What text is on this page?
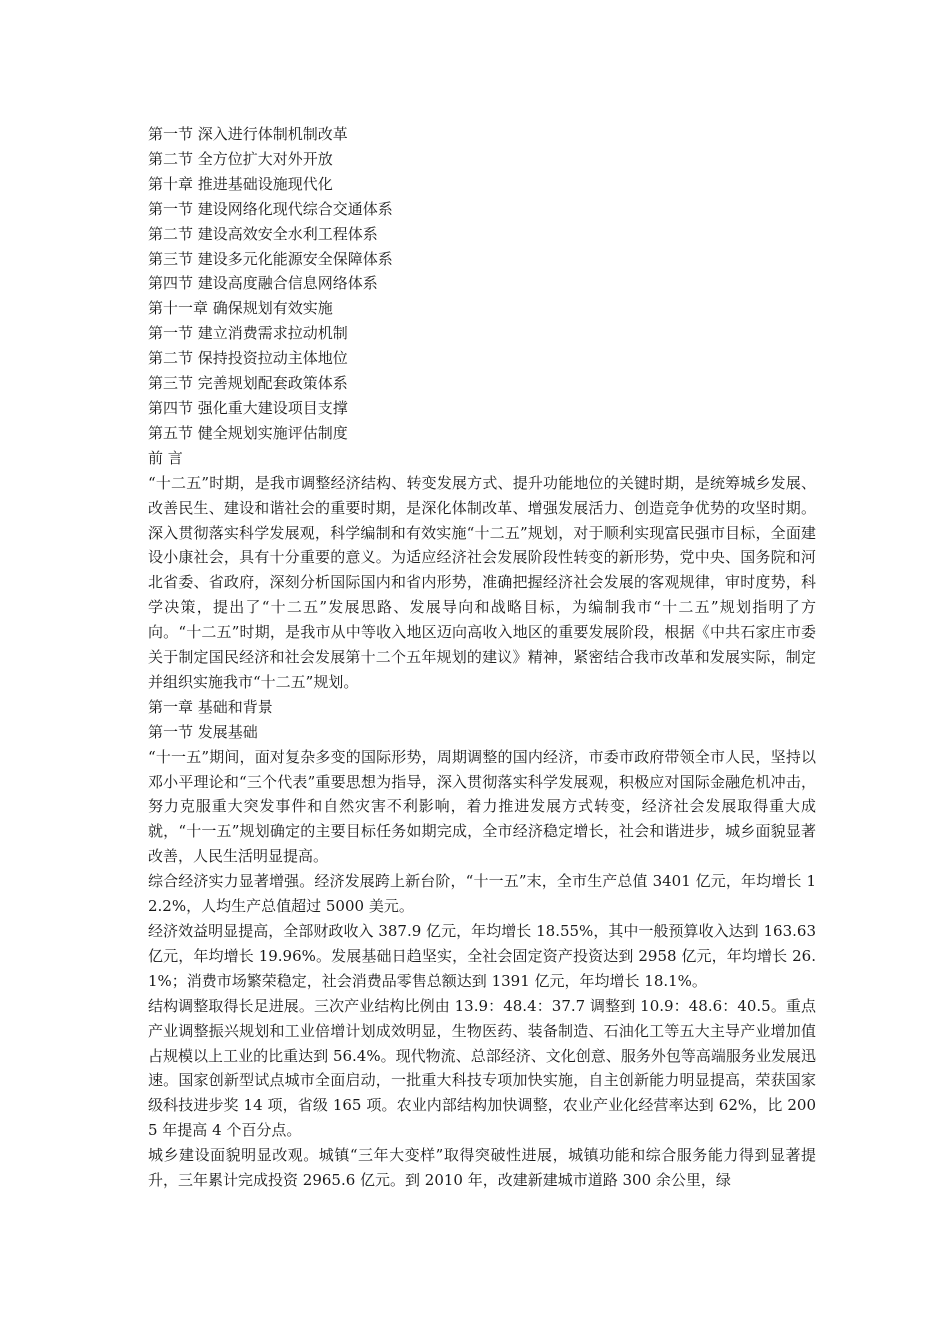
第一节 深入进行体制机制改革

第二节 全方位扩大对外开放

第十章 推进基础设施现代化

第一节 建设网络化现代综合交通体系

第二节 建设高效安全水利工程体系

第三节 建设多元化能源安全保障体系

第四节 建设高度融合信息网络体系

第十一章 确保规划有效实施

第一节 建立消费需求拉动机制

第二节 保持投资拉动主体地位

第三节 完善规划配套政策体系

第四节 强化重大建设项目支撑

第五节 健全规划实施评估制度

前 言

“十二五”时期，是我市调整经济结构、转变发展方式、提升功能地位的关键时期，是统筹城乡发展、改善民生、建设和谐社会的重要时期，是深化体制改革、增强发展活力、创造竞争优势的攻坚时期。深入贯彻落实科学发展观，科学编制和有效实施“十二五”规划，对于顺利实现富民强市目标，全面建设小康社会，具有十分重要的意义。为适应经济社会发展阶段性转变的新形势，党中央、国务院和河北省委、省政府，深刻分析国际国内和省内形势，准确把握经济社会发展的客观规律，审时度势，科学决策，提出了“十二五”发展思路、发展导向和战略目标，为编制我市“十二五”规划指明了方向。“十二五”时期，是我市从中等收入地区迈向高收入地区的重要发展阶段，根据《中共石家庄市委关于制定国民经济和社会发展第十二个五年规划的建议》精神，紧密结合我市改革和发展实际，制定并组织实施我市“十二五”规划。

第一章 基础和背景

第一节 发展基础

“十一五”期间，面对复杂多变的国际形势，周期调整的国内经济，市委市政府带领全市人民，坚持以邓小平理论和“三个代表”重要思想为指导，深入贯彻落实科学发展观，积极应对国际金融危机冲击，努力克服重大突发事件和自然灾害不利影响，着力推进发展方式转变，经济社会发展取得重大成就，“十一五”规划确定的主要目标任务如期完成，全市经济稳定增长，社会和谐进步，城乡面貌显著改善，人民生活明显提高。

综合经济实力显著增强。经济发展跨上新台阶，“十一五”末，全市生产总值 3401 亿元，年均增长 12.2%，人均生产总值超过 5000 美元。

经济效益明显提高，全部财政收入 387.9 亿元，年均增长 18.55%，其中一般预算收入达到 163.63 亿元，年均增长 19.96%。发展基础日趋坚实，全社会固定资产投资达到 2958 亿元，年均增长 26.1%；消费市场繁荣稳定，社会消费品零售总额达到 1391 亿元，年均增长 18.1%。

结构调整取得长足进展。三次产业结构比例由 13.9：48.4：37.7 调整到 10.9：48.6：40.5。重点产业调整振兴规划和工业倍增计划成效明显，生物医药、装备制造、石油化工等五大主导产业增加值占规模以上工业的比重达到 56.4%。现代物流、总部经济、文化创意、服务外包等高端服务业发展迅速。国家创新型试点城市全面启动，一批重大科技专项加快实施，自主创新能力明显提高，荣获国家级科技进步奖 14 项，省级 165 项。农业内部结构加快调整，农业产业化经营率达到 62%，比 2005 年提高 4 个百分点。

城乡建设面貌明显改观。城镇“三年大变样”取得突破性进展，城镇功能和综合服务能力得到显著提升，三年累计完成投资 2965.6 亿元。到 2010 年，改建新建城市道路 300 余公里，绿
